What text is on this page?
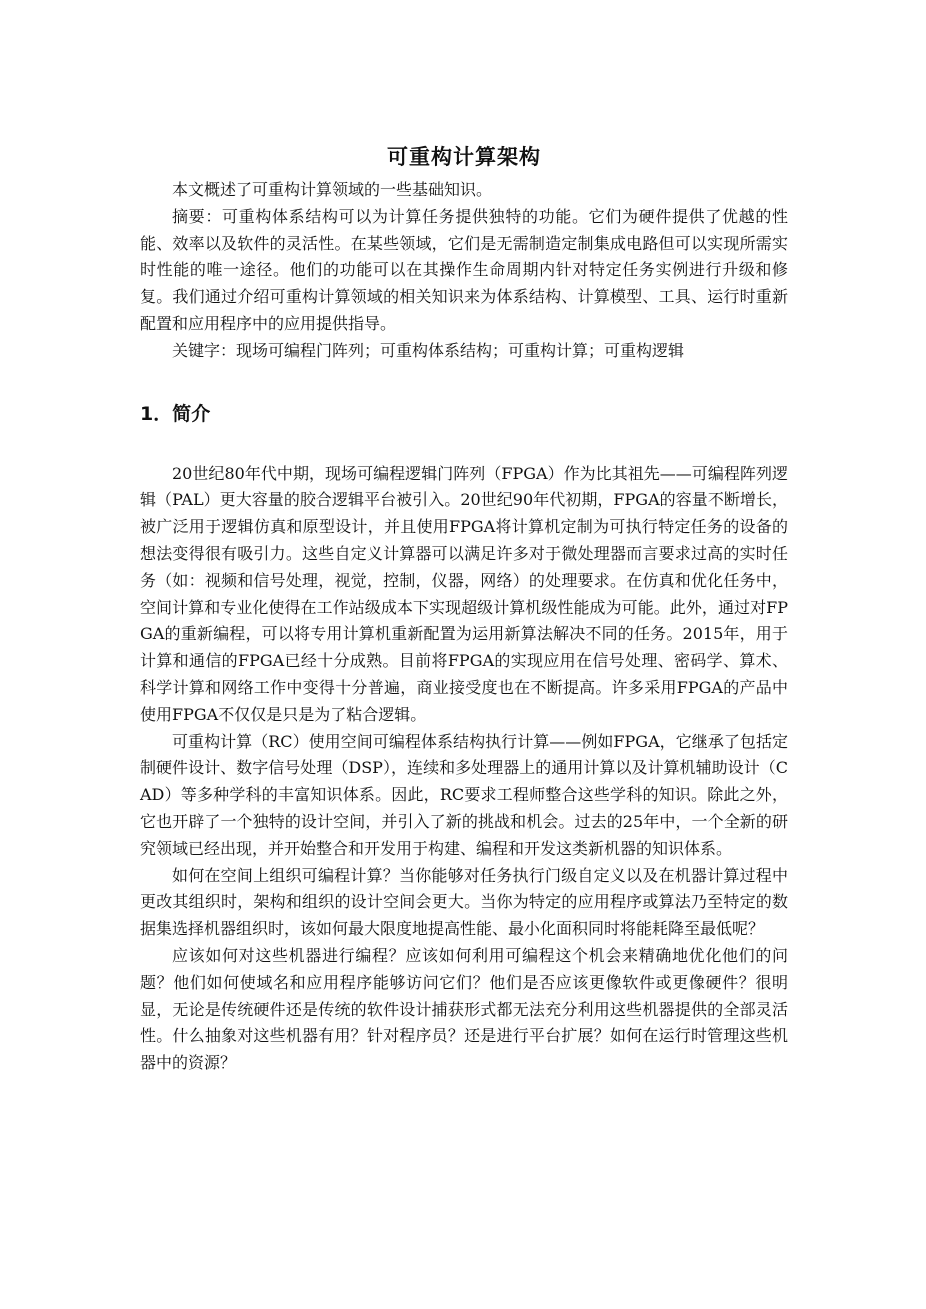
可重构计算架构

本文概述了可重构计算领域的一些基础知识。

摘要：可重构体系结构可以为计算任务提供独特的功能。它们为硬件提供了优越的性能、效率以及软件的灵活性。在某些领域，它们是无需制造定制集成电路但可以实现所需实时性能的唯一途径。他们的功能可以在其操作生命周期内针对特定任务实例进行升级和修复。我们通过介绍可重构计算领域的相关知识来为体系结构、计算模型、工具、运行时重新配置和应用程序中的应用提供指导。

关键字：现场可编程门阵列；可重构体系结构；可重构计算；可重构逻辑

1．简介

20世纪80年代中期，现场可编程逻辑门阵列（FPGA）作为比其祖先——可编程阵列逻辑（PAL）更大容量的胶合逻辑平台被引入。20世纪90年代初期，FPGA的容量不断增长，被广泛用于逻辑仿真和原型设计，并且使用FPGA将计算机定制为可执行特定任务的设备的想法变得很有吸引力。这些自定义计算器可以满足许多对于微处理器而言要求过高的实时任务（如：视频和信号处理，视觉，控制，仪器，网络）的处理要求。在仿真和优化任务中，空间计算和专业化使得在工作站级成本下实现超级计算机级性能成为可能。此外，通过对FPGA的重新编程，可以将专用计算机重新配置为运用新算法解决不同的任务。2015年，用于计算和通信的FPGA已经十分成熟。目前将FPGA的实现应用在信号处理、密码学、算术、科学计算和网络工作中变得十分普遍，商业接受度也在不断提高。许多采用FPGA的产品中使用FPGA不仅仅是只是为了粘合逻辑。

可重构计算（RC）使用空间可编程体系结构执行计算——例如FPGA，它继承了包括定制硬件设计、数字信号处理（DSP），连续和多处理器上的通用计算以及计算机辅助设计（CAD）等多种学科的丰富知识体系。因此，RC要求工程师整合这些学科的知识。除此之外，它也开辟了一个独特的设计空间，并引入了新的挑战和机会。过去的25年中，一个全新的研究领域已经出现，并开始整合和开发用于构建、编程和开发这类新机器的知识体系。

如何在空间上组织可编程计算？当你能够对任务执行门级自定义以及在机器计算过程中更改其组织时，架构和组织的设计空间会更大。当你为特定的应用程序或算法乃至特定的数据集选择机器组织时，该如何最大限度地提高性能、最小化面积同时将能耗降至最低呢？

应该如何对这些机器进行编程？应该如何利用可编程这个机会来精确地优化他们的问题？他们如何使域名和应用程序能够访问它们？他们是否应该更像软件或更像硬件？很明显，无论是传统硬件还是传统的软件设计捕获形式都无法充分利用这些机器提供的全部灵活性。什么抽象对这些机器有用？针对程序员？还是进行平台扩展？如何在运行时管理这些机器中的资源？
